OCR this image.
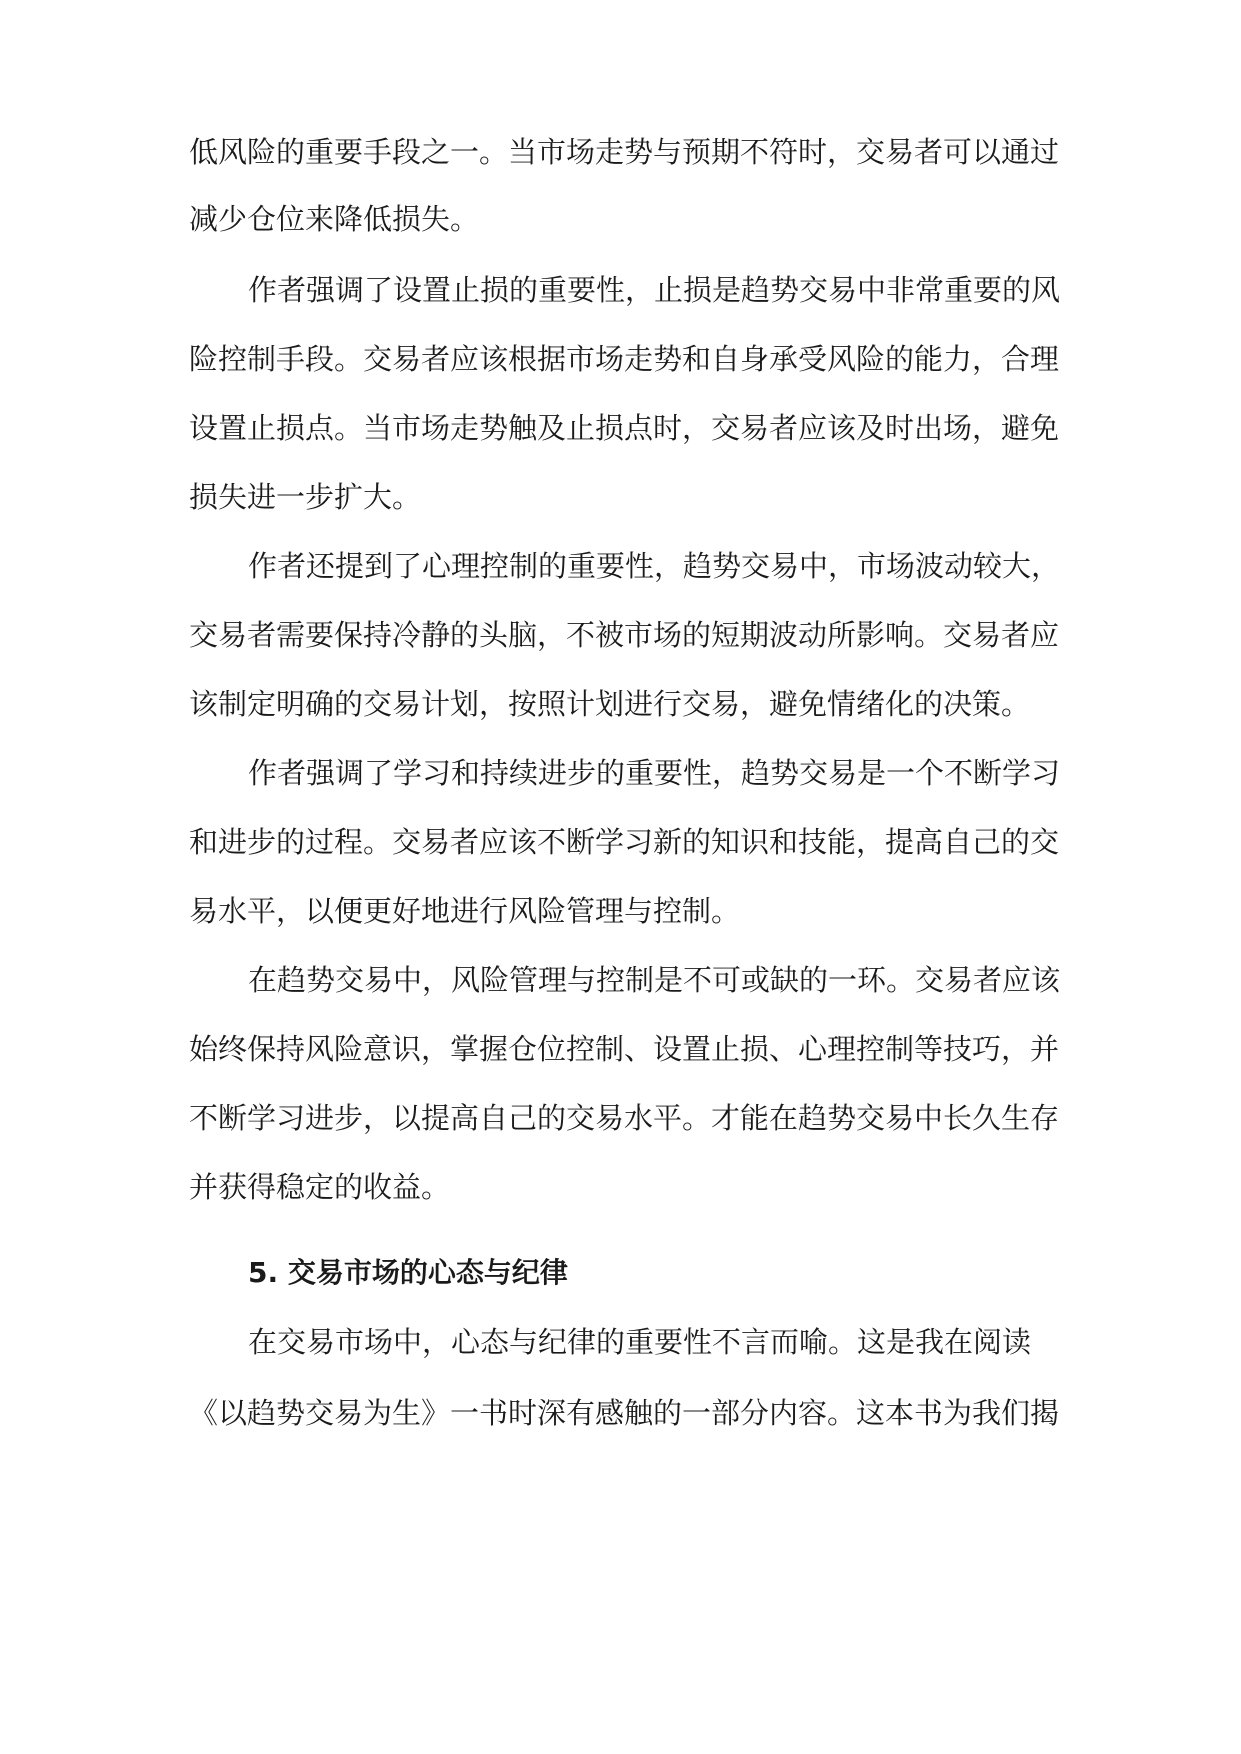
低风险的重要手段之一。当市场走势与预期不符时，交易者可以通过
减少仓位来降低损失。
作者强调了设置止损的重要性，止损是趋势交易中非常重要的风
险控制手段。交易者应该根据市场走势和自身承受风险的能力，合理
设置止损点。当市场走势触及止损点时，交易者应该及时出场，避免
损失进一步扩大。
作者还提到了心理控制的重要性，趋势交易中，市场波动较大，
交易者需要保持冷静的头脑，不被市场的短期波动所影响。交易者应
该制定明确的交易计划，按照计划进行交易，避免情绪化的决策。
作者强调了学习和持续进步的重要性，趋势交易是一个不断学习
和进步的过程。交易者应该不断学习新的知识和技能，提高自己的交
易水平，以便更好地进行风险管理与控制。
在趋势交易中，风险管理与控制是不可或缺的一环。交易者应该
始终保持风险意识，掌握仓位控制、设置止损、心理控制等技巧，并
不断学习进步，以提高自己的交易水平。才能在趋势交易中长久生存
并获得稳定的收益。
5. 交易市场的心态与纪律
在交易市场中，心态与纪律的重要性不言而喻。这是我在阅读
《以趋势交易为生》一书时深有感触的一部分内容。这本书为我们揭
